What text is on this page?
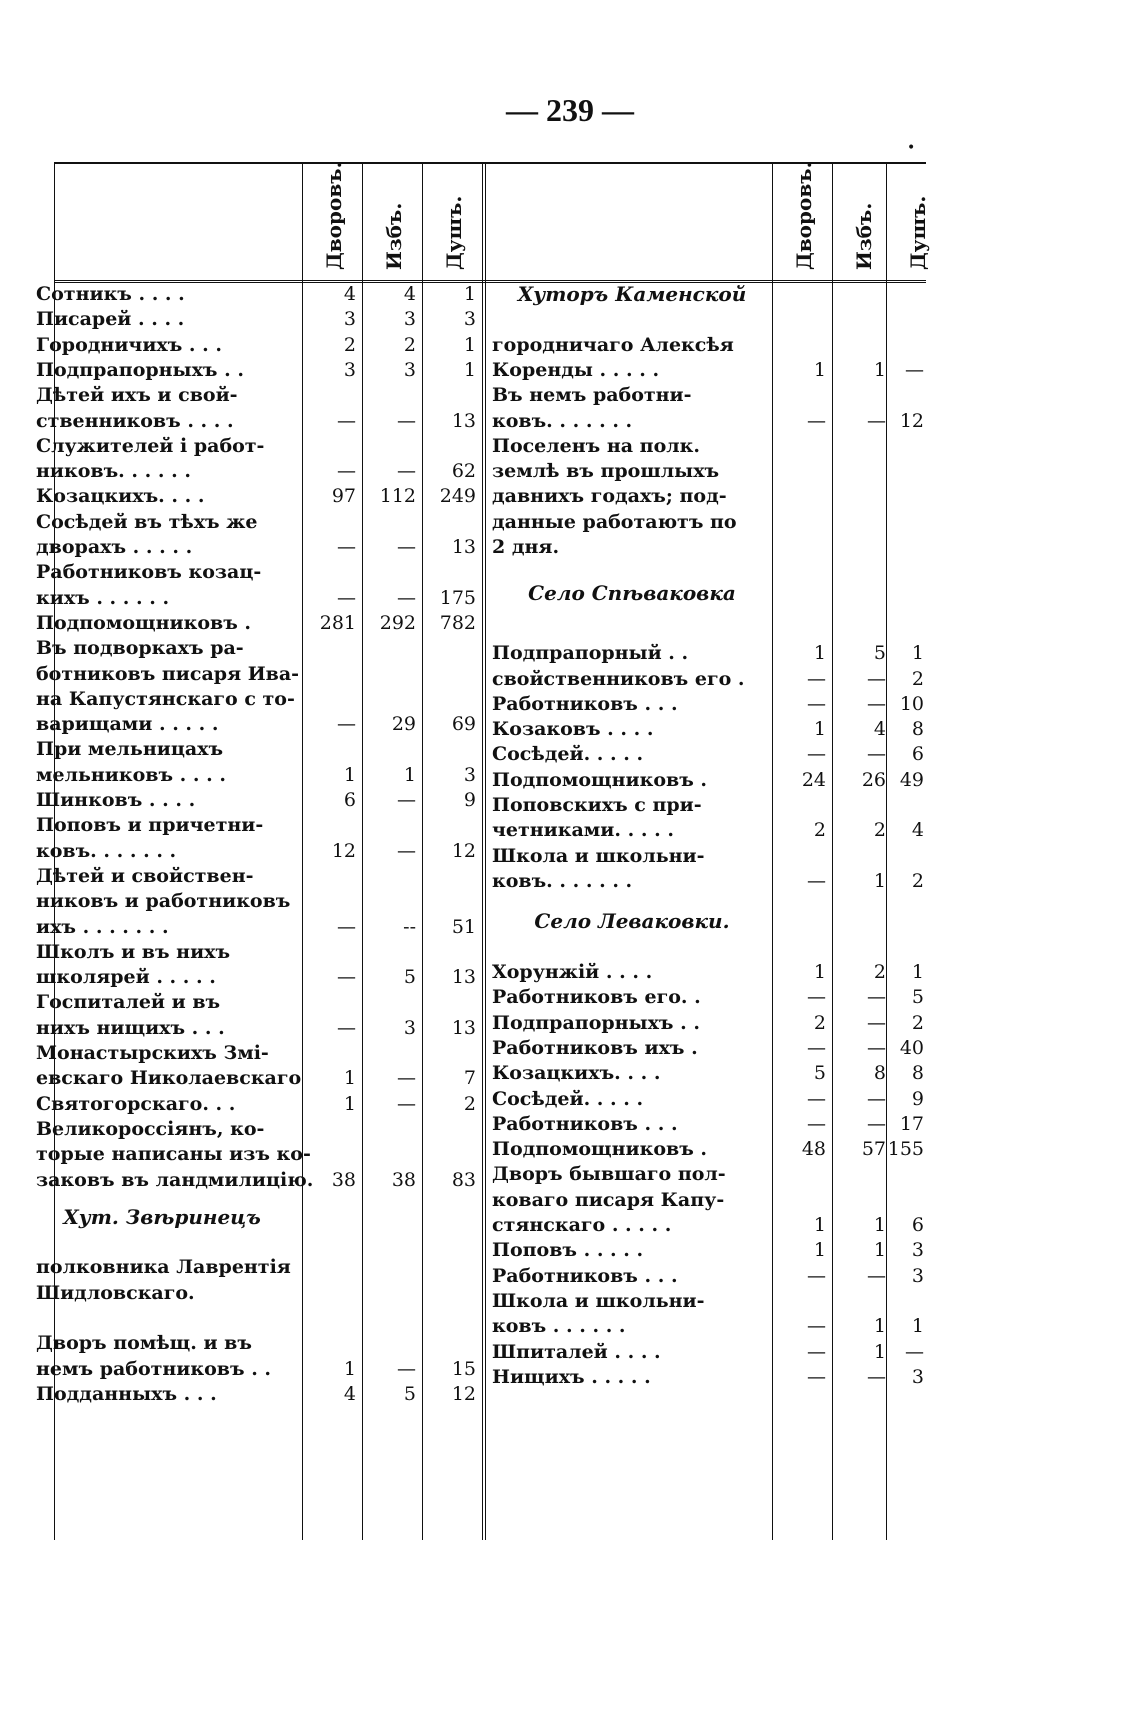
— 239 —
•
Дворовъ. Избъ. Душъ.	Дворовъ. Избъ. Душъ.
Сотникъ . . . .	4	4	1
Писарей . . . .	3	3	3
Городничихъ . . .	2	2	1
Подпрапорныхъ . .	3	3	1
Дѣтей ихъ и свой-
ственниковъ . . . .	—	—	13
Служителей і работ-
никовъ. . . . . .	—	—	62
Козацкихъ. . . .	97	112	249
Сосѣдей въ тѣхъ же
дворахъ . . . . .	—	—	13
Работниковъ козац-
кихъ . . . . . .	—	—	175
Подпомощниковъ .	281	292	782
Въ подворкахъ ра-
ботниковъ писаря Ива-
на Капустянскаго с то-
варищами . . . . .	—	29	69
При мельницахъ
мельниковъ . . . .	1	1	3
Шинковъ . . . .	6	—	9
Поповъ и причетни-
ковъ. . . . . . .	12	—	12
Дѣтей и свойствен-
никовъ и работниковъ
ихъ . . . . . . .	—	--	51
Школъ и въ нихъ
школярей . . . . .	—	5	13
Госпиталей и въ
нихъ нищихъ . . .	—	3	13
Монастырскихъ Змі-
евскаго Николаевскаго	1	—	7
Святогорскаго. . .	1	—	2
Великороссіянъ, ко-
торые написаны изъ ко-
заковъ въ ландмилицію. 38	38	83
Хут. Звѣринецъ
полковника Лаврентія
Шидловскаго.
Дворъ помѣщ. и въ
немъ работниковъ . .	1	—	15
Подданныхъ . . .	4	5	12
Хуторъ Каменской
городничаго Алексѣя
Коренды . . . . .	1	1	—
Въ немъ работни-
ковъ. . . . . . .	—	— 12
Поселенъ на полк.
землѣ въ прошлыхъ
давнихъ годахъ; под-
данные работаютъ по
2 дня.
Село Спѣваковка
Подпрапорный . .	1	5	1
свойственниковъ его .	—	—	2
Работниковъ . . .	—	— 10
Козаковъ . . . .	1	4	8
Сосѣдей. . . . .	—	—	6
Подпомощниковъ .	24	26 49
Поповскихъ с при-
четниками. . . . .	2	2	4
Школа и школьни-
ковъ. . . . . . .	—	1	2
Село Леваковки.
Хорунжій . . . .	1	2	1
Работниковъ его. .	—	—	5
Подпрапорныхъ . .	2	—	2
Работниковъ ихъ .	—	— 40
Козацкихъ. . . .	5	8	8
Сосѣдей. . . . .	—	—	9
Работниковъ . . .	—	— 17
Подпомощниковъ .	48	57 155
Дворъ бывшаго пол-
коваго писаря Капу-
стянскаго . . . . .	1	1	6
Поповъ . . . . .	1	1	3
Работниковъ . . .	—	—	3
Школа и школьни-
ковъ . . . . . .	—	1	1
Шпиталей . . . .	—	1	—
Нищихъ . . . . .	—	—	3
